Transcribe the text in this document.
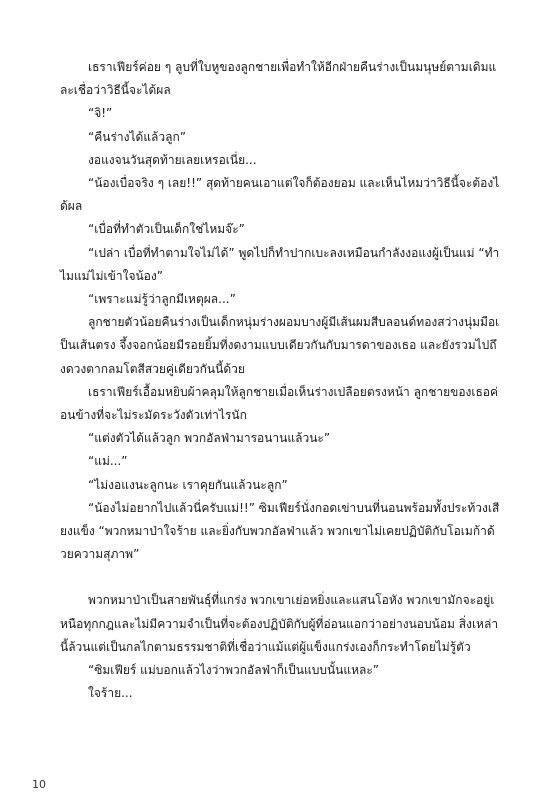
เธราเฟียร์ค่อย ๆ ลูบที่ใบหูของลูกชายเพื่อทำให้อีกฝ่ายคืนร่างเป็นมนุษย์ตามเดิมและเชื่อว่าวิธีนี้จะได้ผล

“จิ!”

“คืนร่างได้แล้วลูก”

งอแงจนวันสุดท้ายเลยเหรอเนี่ย...

“น้องเบื่อจริง ๆ เลย!!” สุดท้ายคนเอาแต่ใจก็ต้องยอม และเห็นไหมว่าวิธีนี้จะต้องได้ผล

“เบื่อที่ทำตัวเป็นเด็กใช่ไหมจ๊ะ”

“เปล่า เบื่อที่ทำตามใจไม่ได้” พูดไปก็ทำปากเบะลงเหมือนกำลังงอแงผู้เป็นแม่ “ทำไมแม่ไม่เข้าใจน้อง”

“เพราะแม่รู้ว่าลูกมีเหตุผล...”

ลูกชายตัวน้อยคืนร่างเป็นเด็กหนุ่มร่างผอมบางผู้มีเส้นผมสีบลอนด์ทองสว่างนุ่มมือเป็นเส้นตรง จึ้งจอกน้อยมีรอยยิ้มที่งดงามแบบเดียวกันกับมารดาของเธอ และยังรวมไปถึงดวงตากลมโตสีสวยคู่เดียวกันนี้ด้วย

เธราเฟียร์เอื้อมหยิบผ้าคลุมให้ลูกชายเมื่อเห็นร่างเปลือยตรงหน้า ลูกชายของเธอค่อนข้างที่จะไม่ระมัดระวังตัวเท่าไรนัก

“แต่งตัวได้แล้วลูก พวกอัลฟ่ามารอนานแล้วนะ”

“แม่...”

“ไม่งอแงนะลูกนะ เราคุยกันแล้วนะลูก”

“น้องไม่อยากไปแล้วนี่ครับแม่!!” ซิมเฟียร์นั่งกอดเข่าบนที่นอนพร้อมทั้งประท้วงเสียงแข็ง “พวกหมาป่าใจร้าย และยิ่งกับพวกอัลฟ่าแล้ว พวกเขาไม่เคยปฏิบัติกับโอเมก้าด้วยความสุภาพ”

พวกหมาป่าเป็นสายพันธุ์ที่แกร่ง พวกเขาเย่อหยิ่งและแสนโอหัง พวกเขามักจะอยู่เหนือทุกกฎและไม่มีความจำเป็นที่จะต้องปฏิบัติกับผู้ที่อ่อนแอกว่าอย่างนอบน้อม สิ่งเหล่านี้ล้วนแต่เป็นกลไกตามธรรมชาติที่เชื่อว่าแม้แต่ผู้แข็งแกร่งเองก็กระทำโดยไม่รู้ตัว

“ซิมเฟียร์ แม่บอกแล้วไงว่าพวกอัลฟ่าก็เป็นแบบนั้นแหละ”

ใจร้าย...

10
